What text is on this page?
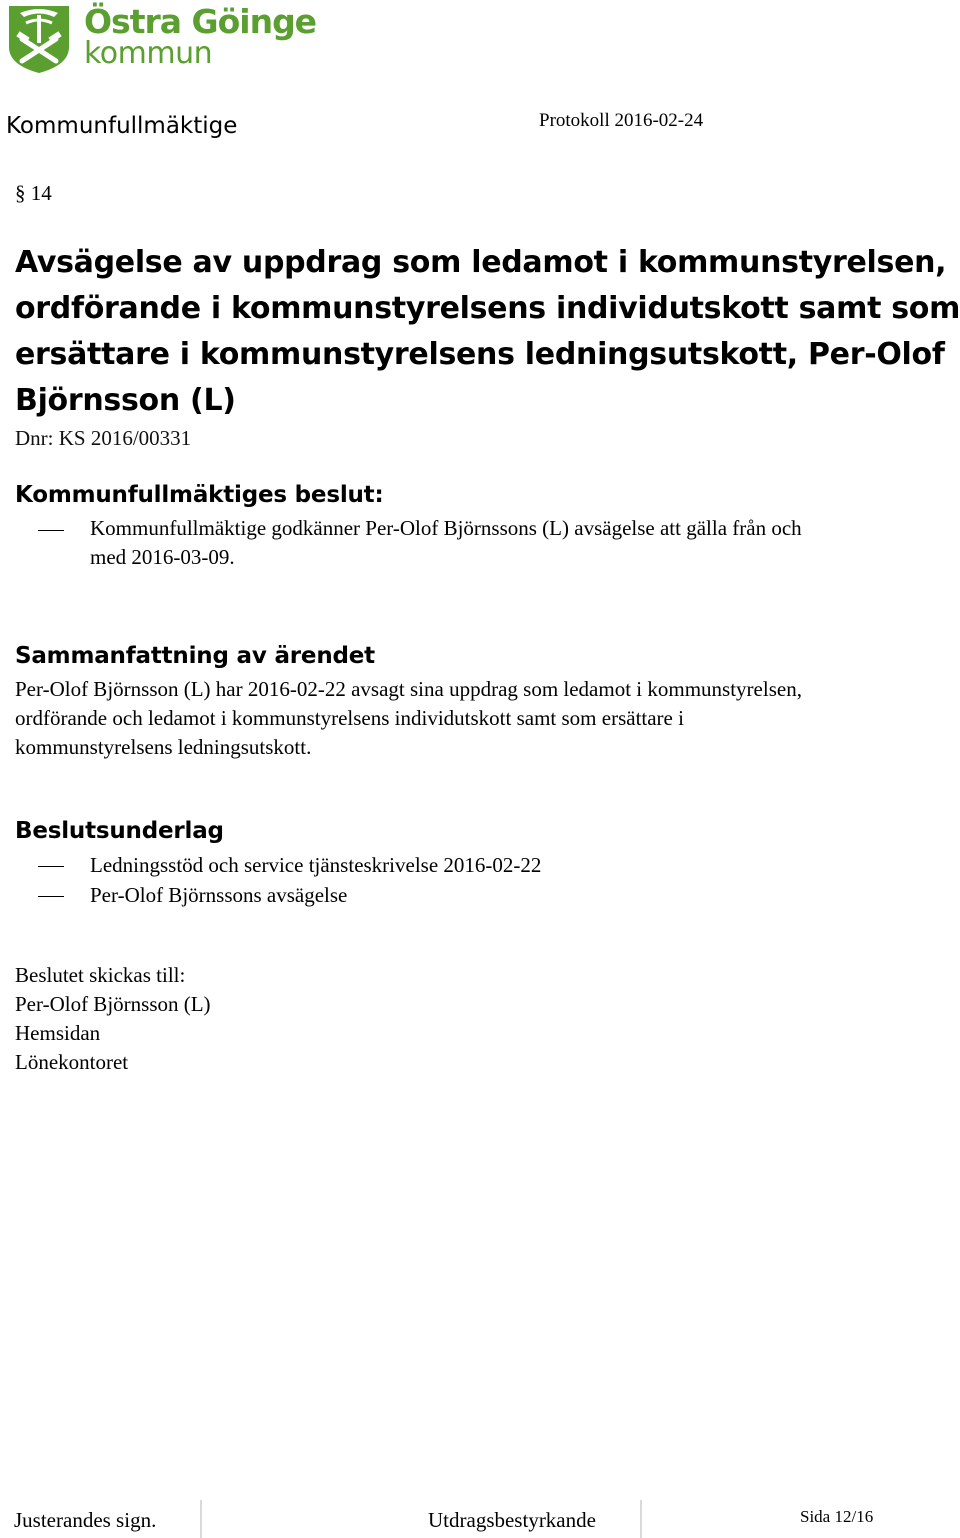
Östra Göinge
kommun
Kommunfullmäktige	Protokoll 2016-02-24
§ 14
Avsägelse av uppdrag som ledamot i kommunstyrelsen,
ordförande i kommunstyrelsens individutskott samt som
ersättare i kommunstyrelsens ledningsutskott, Per-Olof
Björnsson (L)
Dnr: KS 2016/00331
Kommunfullmäktiges beslut:
Kommunfullmäktige godkänner Per-Olof Björnssons (L) avsägelse att gälla från och
med 2016-03-09.
Sammanfattning av ärendet
Per-Olof Björnsson (L) har 2016-02-22 avsagt sina uppdrag som ledamot i kommunstyrelsen,
ordförande och ledamot i kommunstyrelsens individutskott samt som ersättare i
kommunstyrelsens ledningsutskott.
Beslutsunderlag
Ledningsstöd och service tjänsteskrivelse 2016-02-22
Per-Olof Björnssons avsägelse
Beslutet skickas till:
Per-Olof Björnsson (L)
Hemsidan
Lönekontoret
Justerandes sign.	Utdragsbestyrkande	Sida 12/16
